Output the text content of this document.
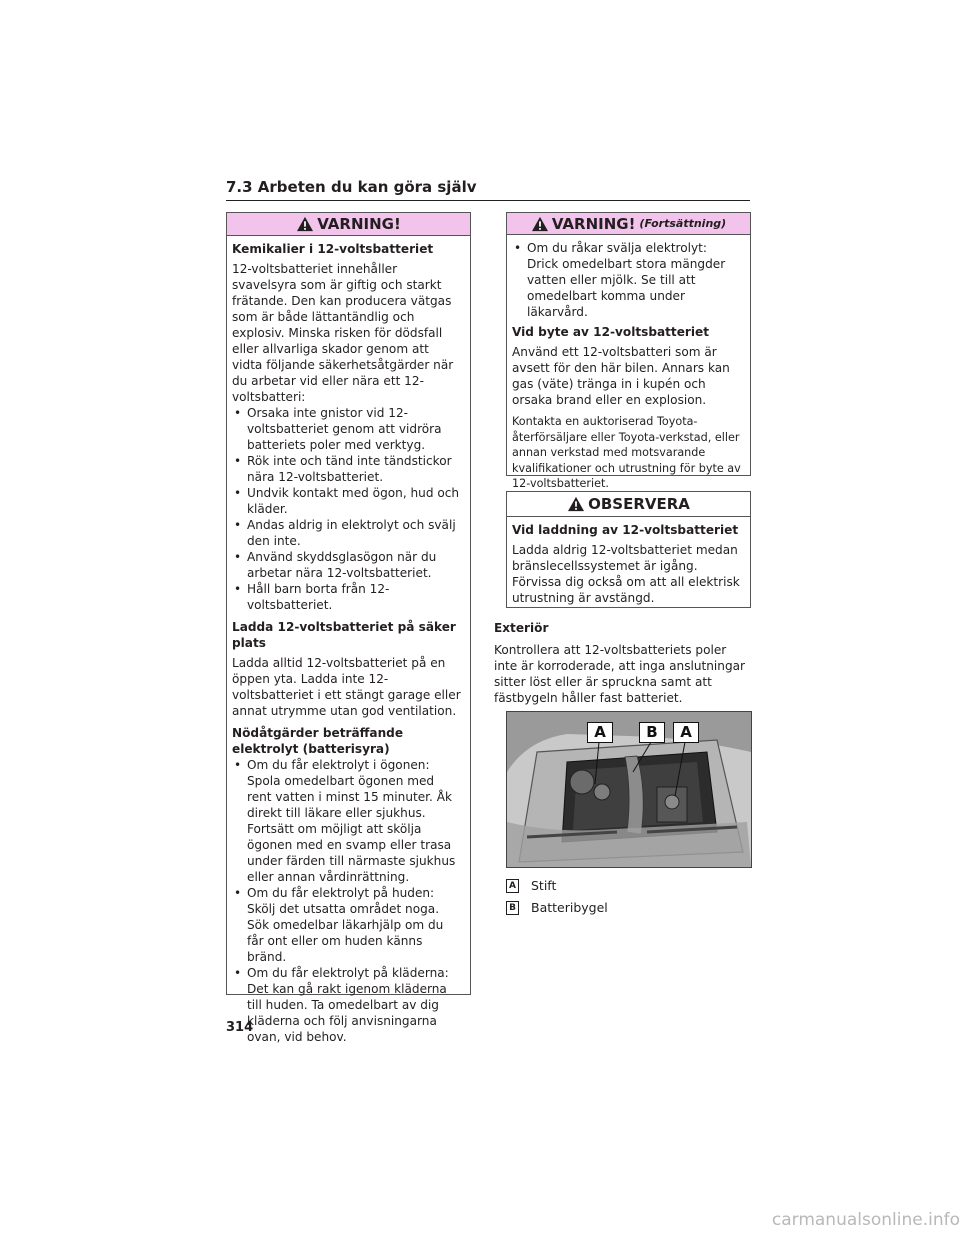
7.3 Arbeten du kan göra själv
VARNING!

Kemikalier i 12-voltsbatteriet

12-voltsbatteriet innehåller svavelsyra som är giftig och starkt frätande. Den kan producera vätgas som är både lättantändlig och explosiv. Minska risken för dödsfall eller allvarliga skador genom att vidta följande säkerhetsåtgärder när du arbetar vid eller nära ett 12-voltsbatteri:

• Orsaka inte gnistor vid 12-voltsbatteriet genom att vidröra batteriets poler med verktyg.
• Rök inte och tänd inte tändstickor nära 12-voltsbatteriet.
• Undvik kontakt med ögon, hud och kläder.
• Andas aldrig in elektrolyt och svälj den inte.
• Använd skyddsglasögon när du arbetar nära 12-voltsbatteriet.
• Håll barn borta från 12-voltsbatteriet.

Ladda 12-voltsbatteriet på säker plats

Ladda alltid 12-voltsbatteriet på en öppen yta. Ladda inte 12-voltsbatteriet i ett stängt garage eller annat utrymme utan god ventilation.

Nödåtgärder beträffande elektrolyt (batterisyra)

• Om du får elektrolyt i ögonen: Spola omedelbart ögonen med rent vatten i minst 15 minuter. Åk direkt till läkare eller sjukhus. Fortsätt om möjligt att skölja ögonen med en svamp eller trasa under färden till närmaste sjukhus eller annan vårdinrättning.
• Om du får elektrolyt på huden: Skölj det utsatta området noga. Sök omedelbar läkarhjälp om du får ont eller om huden känns bränd.
• Om du får elektrolyt på kläderna: Det kan gå rakt igenom kläderna till huden. Ta omedelbart av dig kläderna och följ anvisningarna ovan, vid behov.
VARNING! (Fortsättning)
• Om du råkar svälja elektrolyt: Drick omedelbart stora mängder vatten eller mjölk. Se till att omedelbart komma under läkarvård.

Vid byte av 12-voltsbatteriet

Använd ett 12-voltsbatteri som är avsett för den här bilen. Annars kan gas (väte) tränga in i kupén och orsaka brand eller en explosion.

Kontakta en auktoriserad Toyota-återförsäljare eller Toyota-verkstad, eller annan verkstad med motsvarande kvalifikationer och utrustning för byte av 12-voltsbatteriet.

OBSERVERA

Vid laddning av 12-voltsbatteriet

Ladda aldrig 12-voltsbatteriet medan bränslecellssystemet är igång. Förvissa dig också om att all elektrisk utrustning är avstängd.

Exteriör

Kontrollera att 12-voltsbatteriets poler inte är korroderade, att inga anslutningar sitter löst eller är spruckna samt att fästbygeln håller fast batteriet.

A	B	A
A Stift
B Batteribygel
314
carmanualsonline.info
